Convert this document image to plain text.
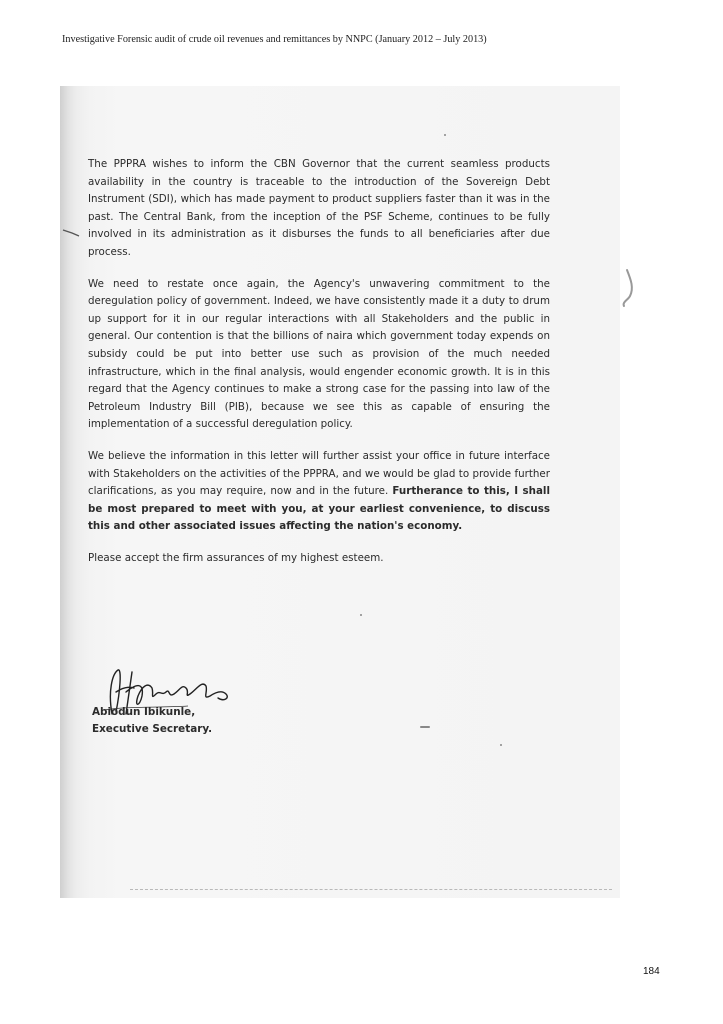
Investigative Forensic audit of crude oil revenues and remittances by NNPC (January 2012 – July 2013)

The PPPRA wishes to inform the CBN Governor that the current seamless products availability in the country is traceable to the introduction of the Sovereign Debt Instrument (SDI), which has made payment to product suppliers faster than it was in the past. The Central Bank, from the inception of the PSF Scheme, continues to be fully involved in its administration as it disburses the funds to all beneficiaries after due process.

We need to restate once again, the Agency's unwavering commitment to the deregulation policy of government. Indeed, we have consistently made it a duty to drum up support for it in our regular interactions with all Stakeholders and the public in general. Our contention is that the billions of naira which government today expends on subsidy could be put into better use such as provision of the much needed infrastructure, which in the final analysis, would engender economic growth. It is in this regard that the Agency continues to make a strong case for the passing into law of the Petroleum Industry Bill (PIB), because we see this as capable of ensuring the implementation of a successful deregulation policy.

We believe the information in this letter will further assist your office in future interface with Stakeholders on the activities of the PPPRA, and we would be glad to provide further clarifications, as you may require, now and in the future. Furtherance to this, I shall be most prepared to meet with you, at your earliest convenience, to discuss this and other associated issues affecting the nation's economy.

Please accept the firm assurances of my highest esteem.

Abiodun Ibikunle,
Executive Secretary.
184
